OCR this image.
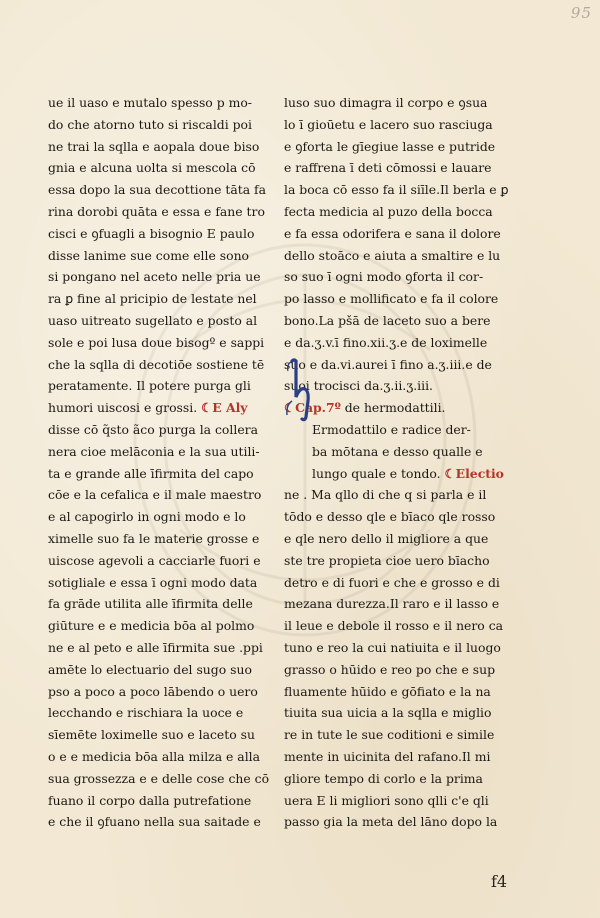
95
ue il uaso e mutalo spesso p mo-
do che atorno tuto si riscaldi poi
ne trai la sqlla e aopala doue biso
gnia e alcuna uolta si mescola cō
essa dopo la sua decottione tāta fa
rina dorobi quāta e essa e fane tro
cisci e ꝯfuagli a bisognio E paulo
disse lanime sue come elle sono
si pongano nel aceto nelle pria ue
ra ꝑ fine al pricipio de lestate nel
uaso uitreato sugellato e posto al
sole e poi lusa doue bisogº e sappi
che la sqlla di decotiōe sostiene tē
peratamente. Il potere purga gli
humori uiscosi e grossi. ☾E Aly
disse cō q̃sto ãco purga la collera
nera cioe melāconia e la sua utili-
ta e grande alle īfirmita del capo
cōe e la cefalica e il male maestro
e al capogirlo in ogni modo e lo
ximelle suo fa le materie grosse e
uiscose agevoli a cacciarle fuori e
sotigliale e essa ī ogni modo data
fa grāde utilita alle īfirmita delle
giūture e e medicia bōa al polmo
ne e al peto e alle īfirmita sue .ppi
amēte lo electuario del sugo suo
pso a poco a poco lābendo o uero
lecchando e rischiara la uoce e
sīemēte loximelle suo e laceto su
o e e medicia bōa alla milza e alla
sua grossezza e e delle cose che cō
fuano il corpo dalla putrefatione
e che il ꝯfuano nella sua saitade e
luso suo dimagra il corpo e ꝯsua
lo ī gioūetu e lacero suo rasciuga
e ꝯforta le gīegiue lasse e putride
e raffrena ī deti cōmossi e lauare
la boca cō esso fa il siīle.Il berla e ꝑ
fecta medicia al puzo della bocca
e fa essa odorifera e sana il dolore
dello stoāco e aiuta a smaltire e lu
so suo ī ogni modo ꝯforta il cor-
po lasso e mollificato e fa il colore
bono.La pšā de laceto suo a bere
e da.ʒ.v.ī fino.xii.ʒ.e de loximelle
suo e da.vi.aurei ī fino a.ʒ.iii.e de
suoi trocisci da.ʒ.ii.ʒ.iii.
☾Cap.7º de hermodattili.
Ermodattilo e radice der-
ba mōtana e desso qualle e
lungo quale e tondo. ☾Electio
ne . Ma qllo di che q si parla e il
tōdo e desso qle e bīaco qle rosso
e qle nero dello il migliore a que
ste tre propieta cioe uero bīacho
detro e di fuori e che e grosso e di
mezana durezza.Il raro e il lasso e
il leue e debole il rosso e il nero ca
tuno e reo la cui natiuita e il luogo
grasso o hūido e reo po che e sup
fluamente hūido e gōfiato e la na
tiuita sua uicia a la sqlla e miglio
re in tute le sue coditioni e simile
mente in uicinita del rafano.Il mi
gliore tempo di corlo e la prima
uera E li migliori sono qlli c'e qli
passo gia la meta del lāno dopo la
f4
